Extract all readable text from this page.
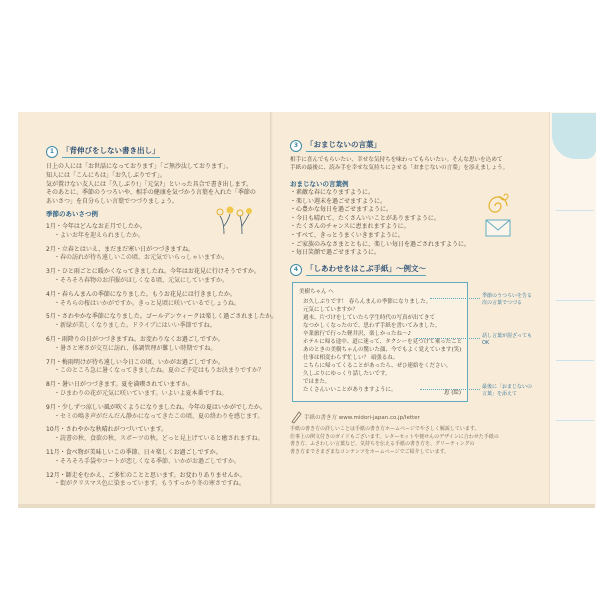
1	「背伸びをしない書き出し」
日上の人には「お世話になっております」「ご無沙汰しております」、
知人には「こんにちは」「お久しぶりです」。
気が置けない友人には「久しぶり!」「元気?」といった具合で書き出します。
そのあとに、季節のうつろいや、相手の健康を気づかう言葉を入れた「季節の
あいさつ」を自分らしい言葉でつづりましょう。
季節のあいさつ例
1月・今年はどんなお正月でしたか。
・よいお年を迎えられましたか。
2月・立春とはいえ、まだまだ寒い日がつづきますね。
・春の訪れが待ち遠しいこの頃、お元気でいらっしゃいますか。
3月・ひと雨ごとに暖かくなってきましたね。今年はお花見に行けそうですか。
・そろそろ春物のお洋服がほしくなる頃、元気にしていますか。
4月・春らんまんの季節になりました。もうお花見には行きましたか。
・そちらの桜はいかがですか。きっと見頃に咲いているでしょうね。
5月・さわやかな季節になりました。ゴールデンウィークは楽しく過ごされましたか。
・新緑が美しくなりました。ドライブにはいい季節ですね。
6月・雨降りの日がつづきますね。お変わりなくお過ごしですか。
・暑さと寒さが交互に訪れ、体調管理が難しい時期ですね。
7月・梅雨明けが待ち遠しい今日この頃、いかがお過ごしですか。
・このところ急に暑くなってきましたね。夏のご予定はもうお決まりですか？
8月・暑い日がつづきます。夏を満喫されていますか。
・ひまわりの花が元気に咲いています。いよいよ夏本番ですね。
9月・少しずつ涼しい風が吹くようになりましたね。今年の夏はいかがでしたか。
・セミの鳴き声がだんだん静かになってきたこの頃、夏の終わりを感じます。
10月・さわやかな秋晴れがつづいています。
・読書の秋、食欲の秋、スポーツの秋。どっと見上げていると癒されますね。
11月・食べ物が美味しいこの季節、日々楽しくお過ごしですか。
・そろそろ手袋やコートが恋しくなる季節、いかがお過ごしですか。
12月・師走をむかえ、ご多忙のことと思います。お変わりありませんか。
・街がクリスマス色に染まっています。もうすっかり冬の寒さですね。
3	「おまじないの言葉」
相手に喜んでもらいたい、幸せな気持ちを味わってもらいたい。そんな思いを込めて
手紙の最後に、読み手を幸せな気持ちにさせる「おまじないの言葉」を添えましょう。
おまじないの言葉例
・素敵な春になりますように。
・楽しい週末を過ごせますように。
・心豊かな毎日を過ごせますように。
・今日も晴れて、たくさんいいことがありますように。
・たくさんのチャンスに恵まれますように。
・すべて、きっとうまくいきますように。
・ご家族のみなさまとともに、楽しい毎日を過ごされますように。
・毎日笑顔で過ごせますように。
4	「しあわせをはこぶ手紙」〜例文〜
美樹ちゃん へ
お久しぶりです！ 春らんまんの季節になりました。
元気にしていますか？
週末、片づけをしていたら学生時代の写真が出てきて
なつかしくなったので、思わず手紙を書いてみました。
卒業旅行で行った軽井沢、楽しかったね〜♪
ホテルに帰る途中、道に迷って、タクシーを見つけて乗ったこと
あのときの美樹ちゃんの驚いた顔、今でもよく覚えています(笑)
仕事は相変わらず忙しい？ 頑張るね。
こちらに帰ってくることがあったら、ぜひ連絡をください。
久しぶりにゆっくり話したいです。
ではまた。
たくさんいいことがありますように。	恵 (絵)
季節のうつろいを告る
次の言葉でつづる
話し言葉が混ざっても
OK
最後に「おまじないの
言葉」を添えて
手紙の書き方 www.midori-japan.co.jp/letter
手紙の書き方の詳しいことは手紙の書き方ホームページでやさしく解説しています。
仕事上の例文付きのガイドもございます。レターセットや便せんのデザインに合わせた手紙の
書き方、ふさわしい言葉など、気持ちを伝える手紙の書き方を、グリーティングの
書き方までさまざまなコンテンツをホームページでご紹介しています。
